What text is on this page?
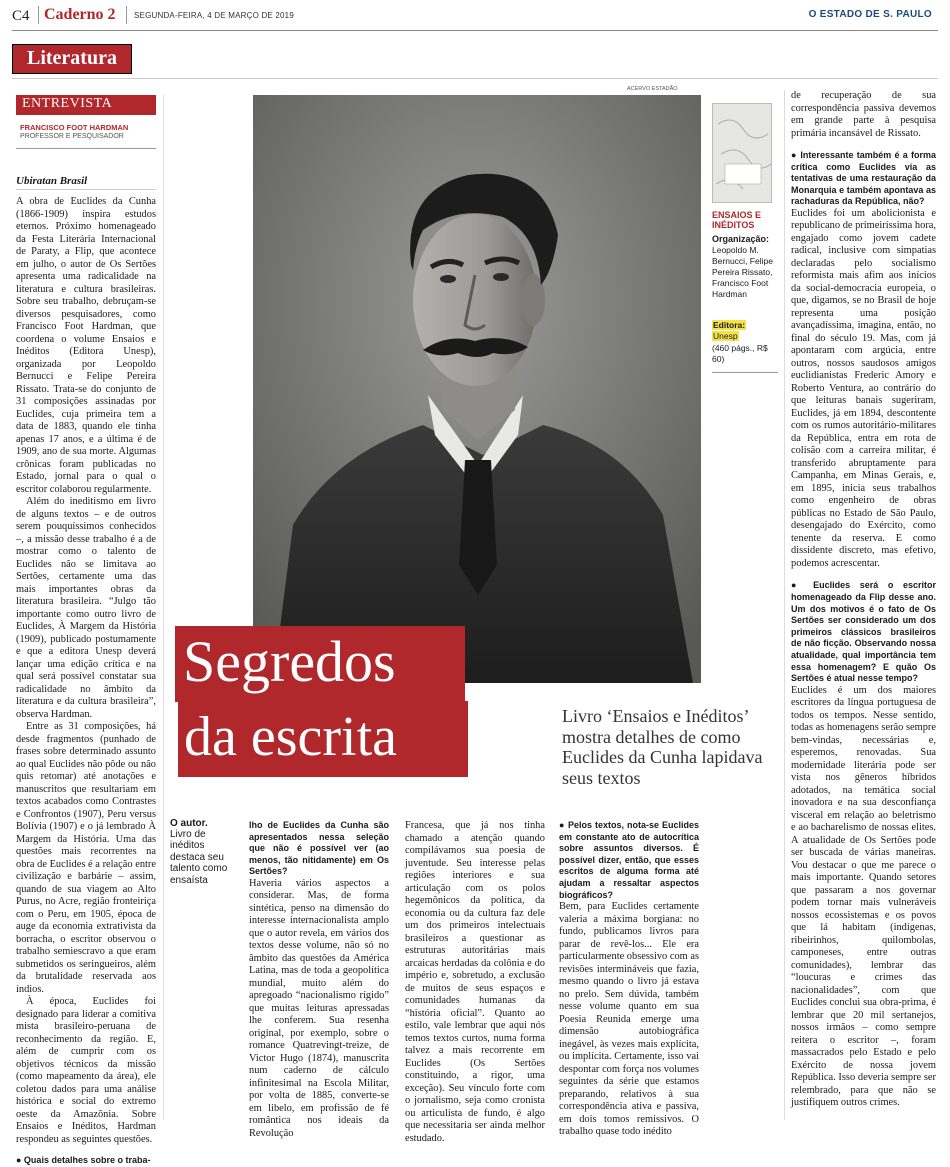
C4 Caderno 2 SEGUNDA-FEIRA, 4 DE MARÇO DE 2019	O ESTADO DE S. PAULO
Literatura
ENTREVISTA
FRANCISCO FOOT HARDMAN
PROFESSOR E PESQUISADOR
Ubiratan Brasil

A obra de Euclides da Cunha (1866-1909) inspira estudos eternos. Próximo homenageado da Festa Literária Internacional de Paraty, a Flip, que acontece em julho, o autor de Os Sertões apresenta uma radicalidade na literatura e cultura brasileiras. Sobre seu trabalho, debruçam-se diversos pesquisadores, como Francisco Foot Hardman, que coordena o volume Ensaios e Inéditos (Editora Unesp), organizada por Leopoldo Bernucci e Felipe Pereira Rissato. Trata-se do conjunto de 31 composições assinadas por Euclides, cuja primeira tem a data de 1883, quando ele tinha apenas 17 anos, e a última é de 1909, ano de sua morte. Algumas crônicas foram publicadas no Estado, jornal para o qual o escritor colaborou regularmente.

Além do ineditismo em livro de alguns textos – e de outros serem pouquíssimos conhecidos –, a missão desse trabalho é a de mostrar como o talento de Euclides não se limitava ao Sertões, certamente uma das mais importantes obras da literatura brasileira. “Julgo tão importante como outro livro de Euclides, À Margem da História (1909), publicado postumamente e que a editora Unesp deverá lançar uma edição crítica e na qual será possível constatar sua radicalidade no âmbito da literatura e da cultura brasileira”, observa Hardman.

Entre as 31 composições, há desde fragmentos (punhado de frases sobre determinado assunto ao qual Euclides não pôde ou não quis retomar) até anotações e manuscritos que resultariam em textos acabados como Contrastes e Confrontos (1907), Peru versus Bolívia (1907) e o já lembrado À Margem da História. Uma das questões mais recorrentes na obra de Euclides é a relação entre civilização e barbárie – assim, quando de sua viagem ao Alto Purus, no Acre, região fronteiriça com o Peru, em 1905, época de auge da economia extrativista da borracha, o escritor observou o trabalho semiescravo a que eram submetidos os seringueiros, além da brutalidade reservada aos índios.

À época, Euclides foi designado para liderar a comitiva mista brasileiro-peruana de reconhecimento da região. E, além de cumprir com os objetivos técnicos da missão (como mapeamento da área), ele coletou dados para uma análise histórica e social do extremo oeste da Amazônia. Sobre Ensaios e Inéditos, Hardman respondeu as seguintes questões.

● Quais detalhes sobre o traba-

ACERVO ESTADÃO
ENSAIOS E INÉDITOS
Organização:
Leopoldo M. Bernucci, Felipe Pereira Rissato, Francisco Foot Hardman
Editora:
Unesp
(460 págs., R$ 60)
Segredos
da escrita	Livro ‘Ensaios e Inéditos’ mostra detalhes de como Euclides da Cunha lapidava seus textos
O autor.
Livro de inéditos destaca seu talento como ensaísta
lho de Euclides da Cunha são apresentados nessa seleção que não é possível ver (ao menos, tão nitidamente) em Os Sertões?

Haveria vários aspectos a considerar. Mas, de forma sintética, penso na dimensão do interesse internacionalista amplo que o autor revela, em vários dos textos desse volume, não só no âmbito das questões da América Latina, mas de toda a geopolítica mundial, muito além do apregoado “nacionalismo rígido” que muitas leituras apressadas lhe conferem. Sua resenha original, por exemplo, sobre o romance Quatrevingt-treize, de Victor Hugo (1874), manuscrita num caderno de cálculo infinitesimal na Escola Militar, por volta de 1885, converte-se em libelo, em profissão de fé romântica nos ideais da Revolução

Francesa, que já nos tinha chamado a atenção quando compilávamos sua poesia de juventude. Seu interesse pelas regiões interiores e sua articulação com os polos hegemônicos da política, da economia ou da cultura faz dele um dos primeiros intelectuais brasileiros a questionar as estruturas autoritárias mais arcaicas herdadas da colônia e do império e, sobretudo, a exclusão de muitos de seus espaços e comunidades humanas da “história oficial”. Quanto ao estilo, vale lembrar que aqui nós temos textos curtos, numa forma talvez a mais recorrente em Euclides (Os Sertões constituindo, a rigor, uma exceção). Seu vínculo forte com o jornalismo, seja como cronista ou articulista de fundo, é algo que necessitaria ser ainda melhor estudado.

● Pelos textos, nota-se Euclides em constante ato de autocrítica sobre assuntos diversos. É possível dizer, então, que esses escritos de alguma forma até ajudam a ressaltar aspectos biográficos?

Bem, para Euclides certamente valeria a máxima borgiana: no fundo, publicamos livros para parar de revê-los... Ele era particularmente obsessivo com as revisões intermináveis que fazia, mesmo quando o livro já estava no prelo. Sem dúvida, também nesse volume quanto em sua Poesia Reunida emerge uma dimensão autobiográfica inegável, às vezes mais explícita, ou implícita. Certamente, isso vai despontar com força nos volumes seguintes da série que estamos preparando, relativos à sua correspondência ativa e passiva, em dois tomos remissivos. O trabalho quase todo inédito

de recuperação de sua correspondência passiva devemos em grande parte à pesquisa primária incansável de Rissato.

● Interessante também é a forma crítica como Euclides via as tentativas de uma restauração da Monarquia e também apontava as rachaduras da República, não?

Euclides foi um abolicionista e republicano de primeiríssima hora, engajado como jovem cadete radical, inclusive com simpatias declaradas pelo socialismo reformista mais afim aos inícios da social-democracia europeia, o que, digamos, se no Brasil de hoje representa uma posição avançadíssima, imagina, então, no final do século 19. Mas, com já apontaram com argúcia, entre outros, nossos saudosos amigos euclidianistas Frederic Amory e Roberto Ventura, ao contrário do que leituras banais sugeriram, Euclides, já em 1894, descontente com os rumos autoritário-militares da República, entra em rota de colisão com a carreira militar, é transferido abruptamente para Campanha, em Minas Gerais, e, em 1895, inicia seus trabalhos como engenheiro de obras públicas no Estado de São Paulo, desengajado do Exército, como tenente da reserva. E como dissidente discreto, mas efetivo, podemos acrescentar.

● Euclides será o escritor homenageado da Flip desse ano. Um dos motivos é o fato de Os Sertões ser considerado um dos primeiros clássicos brasileiros de não ficção. Observando nossa atualidade, qual importância tem essa homenagem? E quão Os Sertões é atual nesse tempo?

Euclides é um dos maiores escritores da língua portuguesa de todos os tempos. Nesse sentido, todas as homenagens serão sempre bem-vindas, necessárias e, esperemos, renovadas. Sua modernidade literária pode ser vista nos gêneros híbridos adotados, na temática social inovadora e na sua desconfiança visceral em relação ao beletrismo e ao bacharelismo de nossas elites. A atualidade de Os Sertões pode ser buscada de várias maneiras. Vou destacar o que me parece o mais importante. Quando setores que passaram a nos governar podem tornar mais vulneráveis nossos ecossistemas e os povos que lá habitam (indígenas, ribeirinhos, quilombolas, camponeses, entre outras comunidades), lembrar das “loucuras e crimes das nacionalidades”, com que Euclides conclui sua obra-prima, é lembrar que 20 mil sertanejos, nossos irmãos – como sempre reitera o escritor –, foram massacrados pelo Estado e pelo Exército de nossa jovem República. Isso deveria sempre ser relembrado, para que não se justifiquem outros crimes.
